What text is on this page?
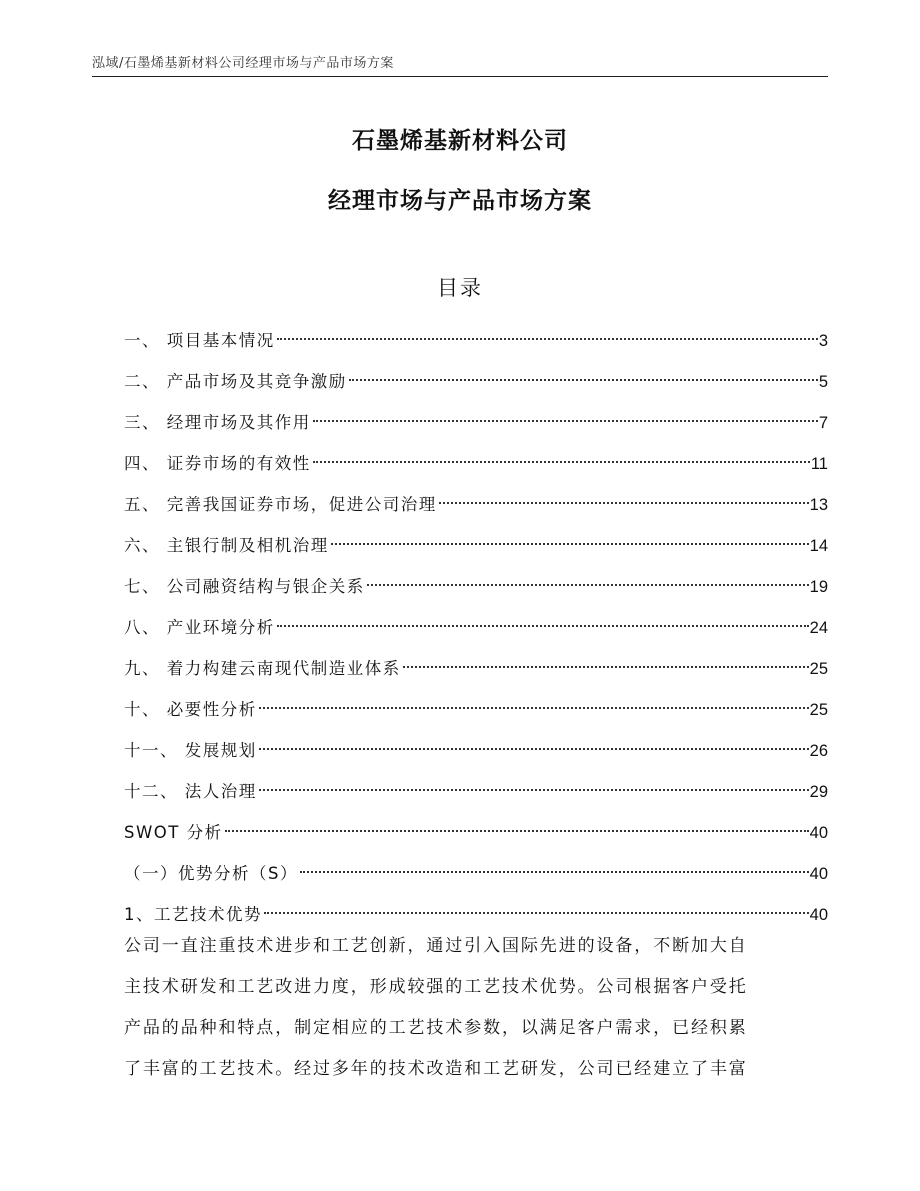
泓域/石墨烯基新材料公司经理市场与产品市场方案
石墨烯基新材料公司
经理市场与产品市场方案
目录
一、 项目基本情况	3
二、 产品市场及其竞争激励	5
三、 经理市场及其作用	7
四、 证券市场的有效性	11
五、 完善我国证券市场，促进公司治理	13
六、 主银行制及相机治理	14
七、 公司融资结构与银企关系	19
八、 产业环境分析	24
九、 着力构建云南现代制造业体系	25
十、 必要性分析	25
十一、 发展规划	26
十二、 法人治理	29
SWOT 分析	40
（一）优势分析（S）	40
1、工艺技术优势	40
公司一直注重技术进步和工艺创新，通过引入国际先进的设备，不断加大自
主技术研发和工艺改进力度，形成较强的工艺技术优势。公司根据客户受托
产品的品种和特点，制定相应的工艺技术参数，以满足客户需求，已经积累
了丰富的工艺技术。经过多年的技术改造和工艺研发，公司已经建立了丰富
